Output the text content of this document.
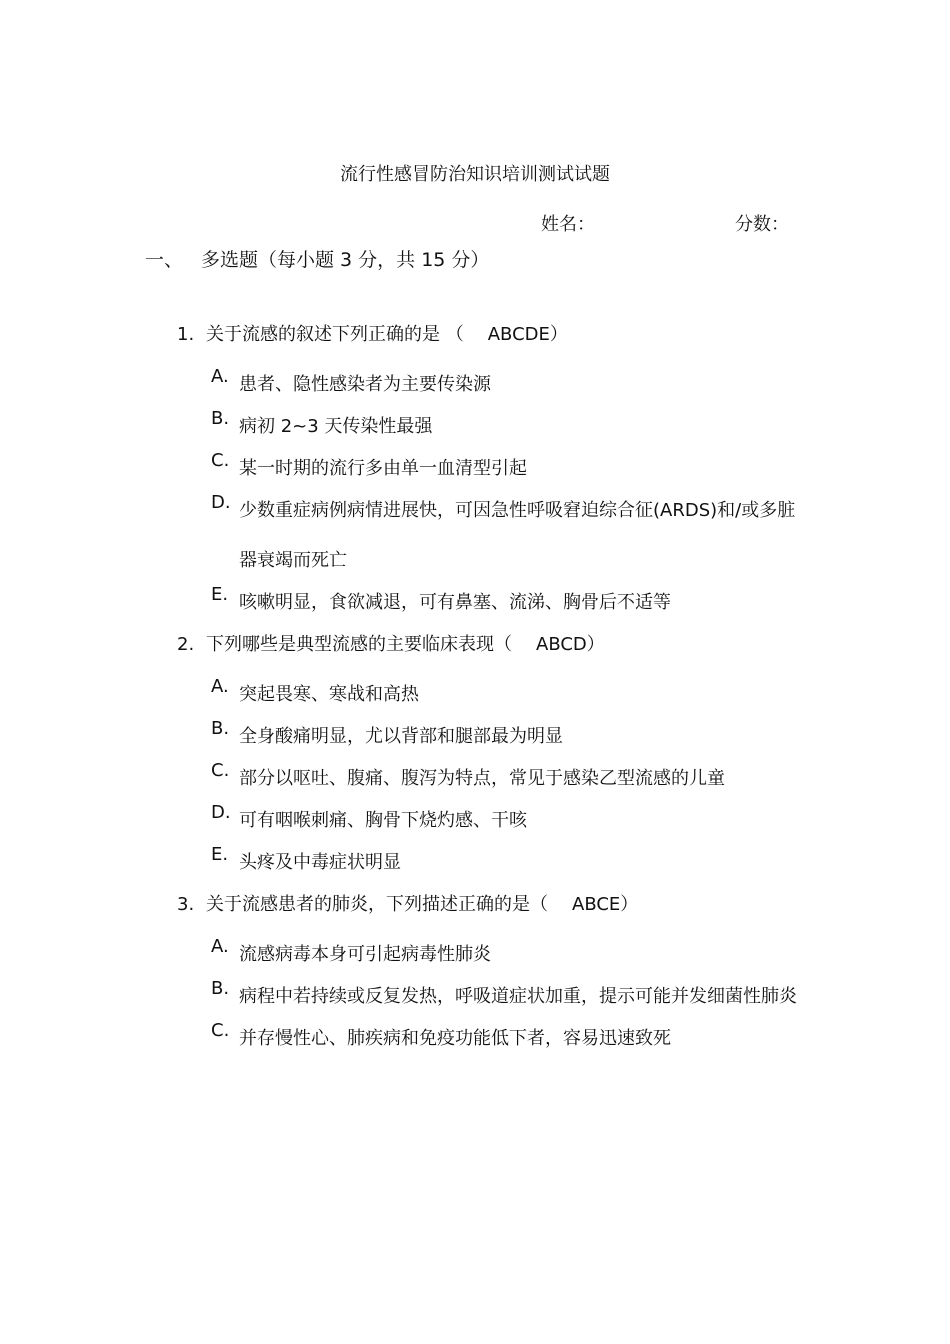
流行性感冒防治知识培训测试试题
姓名：	分数：
一、 多选题（每小题 3 分，共 15 分）
1. 关于流感的叙述下列正确的是 （ ABCDE）
A. 患者、隐性感染者为主要传染源
B. 病初 2~3 天传染性最强
C. 某一时期的流行多由单一血清型引起
D. 少数重症病例病情进展快，可因急性呼吸窘迫综合征(ARDS)和/或多脏器衰竭而死亡
E. 咳嗽明显，食欲减退，可有鼻塞、流涕、胸骨后不适等
2. 下列哪些是典型流感的主要临床表现（ ABCD）
A. 突起畏寒、寒战和高热
B. 全身酸痛明显，尤以背部和腿部最为明显
C. 部分以呕吐、腹痛、腹泻为特点，常见于感染乙型流感的儿童
D. 可有咽喉刺痛、胸骨下烧灼感、干咳
E. 头疼及中毒症状明显
3. 关于流感患者的肺炎，下列描述正确的是（ ABCE）
A. 流感病毒本身可引起病毒性肺炎
B. 病程中若持续或反复发热，呼吸道症状加重，提示可能并发细菌性肺炎
C. 并存慢性心、肺疾病和免疫功能低下者，容易迅速致死
